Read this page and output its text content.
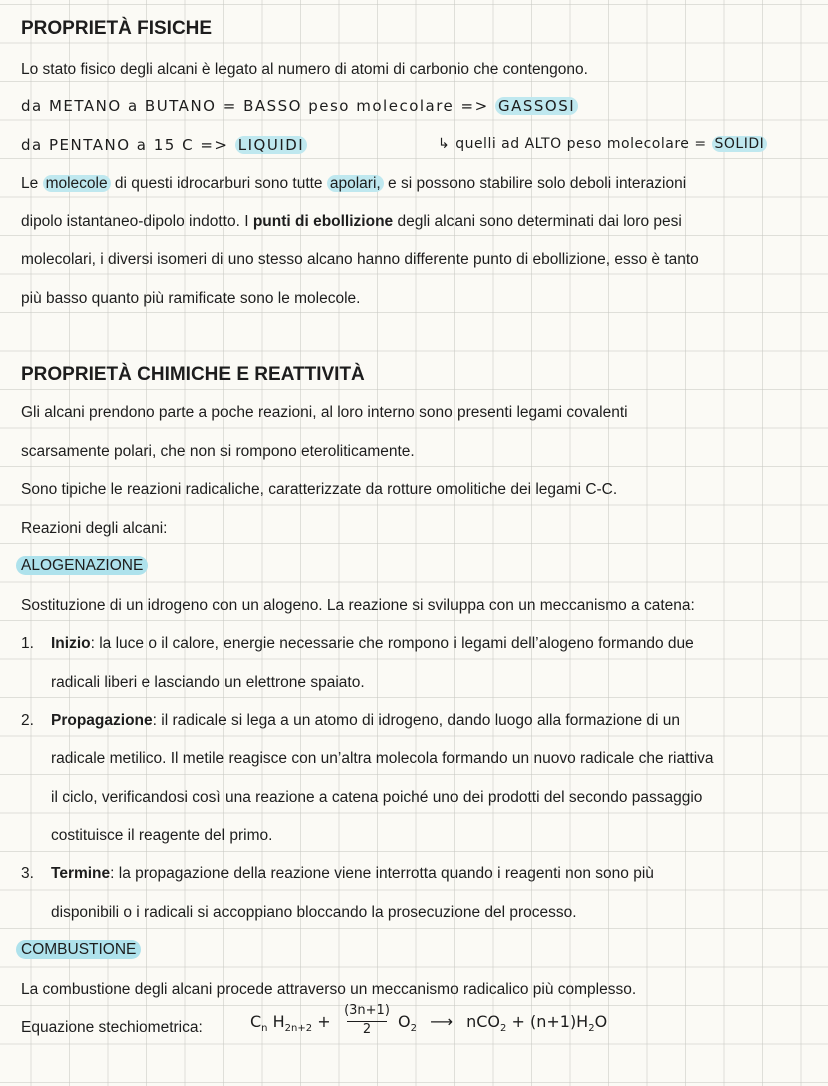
PROPRIETÀ FISICHE
Lo stato fisico degli alcani è legato al numero di atomi di carbonio che contengono.
da METANO a BUTANO = BASSO peso molecolare => GASSOSI
da PENTANO a 15 C => LIQUIDI	↳ quelli ad ALTO peso molecolare = SOLIDI
Le molecole di questi idrocarburi sono tutte apolari, e si possono stabilire solo deboli interazioni
dipolo istantaneo-dipolo indotto. I punti di ebollizione degli alcani sono determinati dai loro pesi
molecolari, i diversi isomeri di uno stesso alcano hanno differente punto di ebollizione, esso è tanto
più basso quanto più ramificate sono le molecole.
PROPRIETÀ CHIMICHE E REATTIVITÀ
Gli alcani prendono parte a poche reazioni, al loro interno sono presenti legami covalenti
scarsamente polari, che non si rompono eteroliticamente.
Sono tipiche le reazioni radicaliche, caratterizzate da rotture omolitiche dei legami C-C.
Reazioni degli alcani:
ALOGENAZIONE
Sostituzione di un idrogeno con un alogeno. La reazione si sviluppa con un meccanismo a catena:
1. Inizio: la luce o il calore, energie necessarie che rompono i legami dell’alogeno formando due
radicali liberi e lasciando un elettrone spaiato.
2. Propagazione: il radicale si lega a un atomo di idrogeno, dando luogo alla formazione di un
radicale metilico. Il metile reagisce con un’altra molecola formando un nuovo radicale che riattiva
il ciclo, verificandosi così una reazione a catena poiché uno dei prodotti del secondo passaggio
costituisce il reagente del primo.
3. Termine: la propagazione della reazione viene interrotta quando i reagenti non sono più
disponibili o i radicali si accoppiano bloccando la prosecuzione del processo.
COMBUSTIONE
La combustione degli alcani procede attraverso un meccanismo radicalico più complesso.
Equazione stechiometrica:	$C_n$ $H_{2n+2}$ +
(3n+1)
2	$O_2$ ⟶ $nCO_2 + (n+1)H_2O$
